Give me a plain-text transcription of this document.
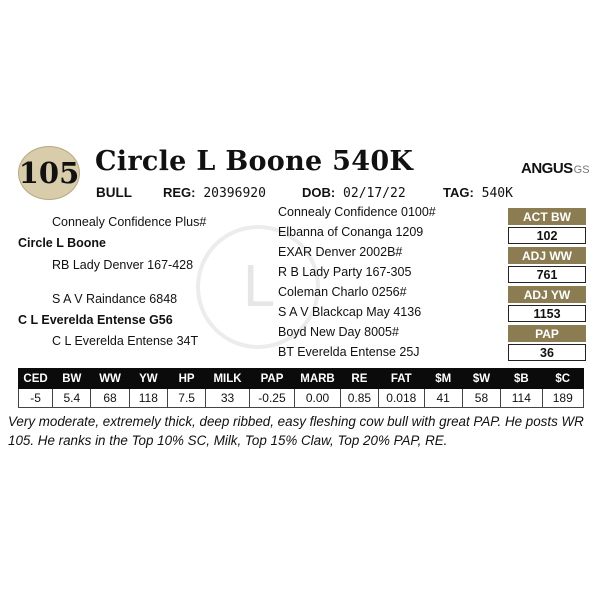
L
105 Circle L Boone 540K	ANGUSGS
BULL REG: 20396920	DOB: 02/17/22	TAG: 540K
Connealy Confidence Plus#
Circle L Boone
RB Lady Denver 167-428
S A V Raindance 6848
C L Everelda Entense G56
C L Everelda Entense 34T
Connealy Confidence 0100#
Elbanna of Conanga 1209
EXAR Denver 2002B#
R B Lady Party 167-305
Coleman Charlo 0256#
S A V Blackcap May 4136
Boyd New Day 8005#
BT Everelda Entense 25J
ACT BW
102
ADJ WW
761
ADJ YW
1153
PAP
36
CED	BW	WW	YW	HP	MILK	PAP	MARB	RE	FAT	$M	$W	$B	$C
-5	5.4	68	118	7.5	33	-0.25	0.00	0.85	0.018	41	58	114	189
Very moderate, extremely thick, deep ribbed, easy fleshing cow bull with great PAP. He posts WR 105. He ranks in the Top 10% SC, Milk, Top 15% Claw, Top 20% PAP, RE.
